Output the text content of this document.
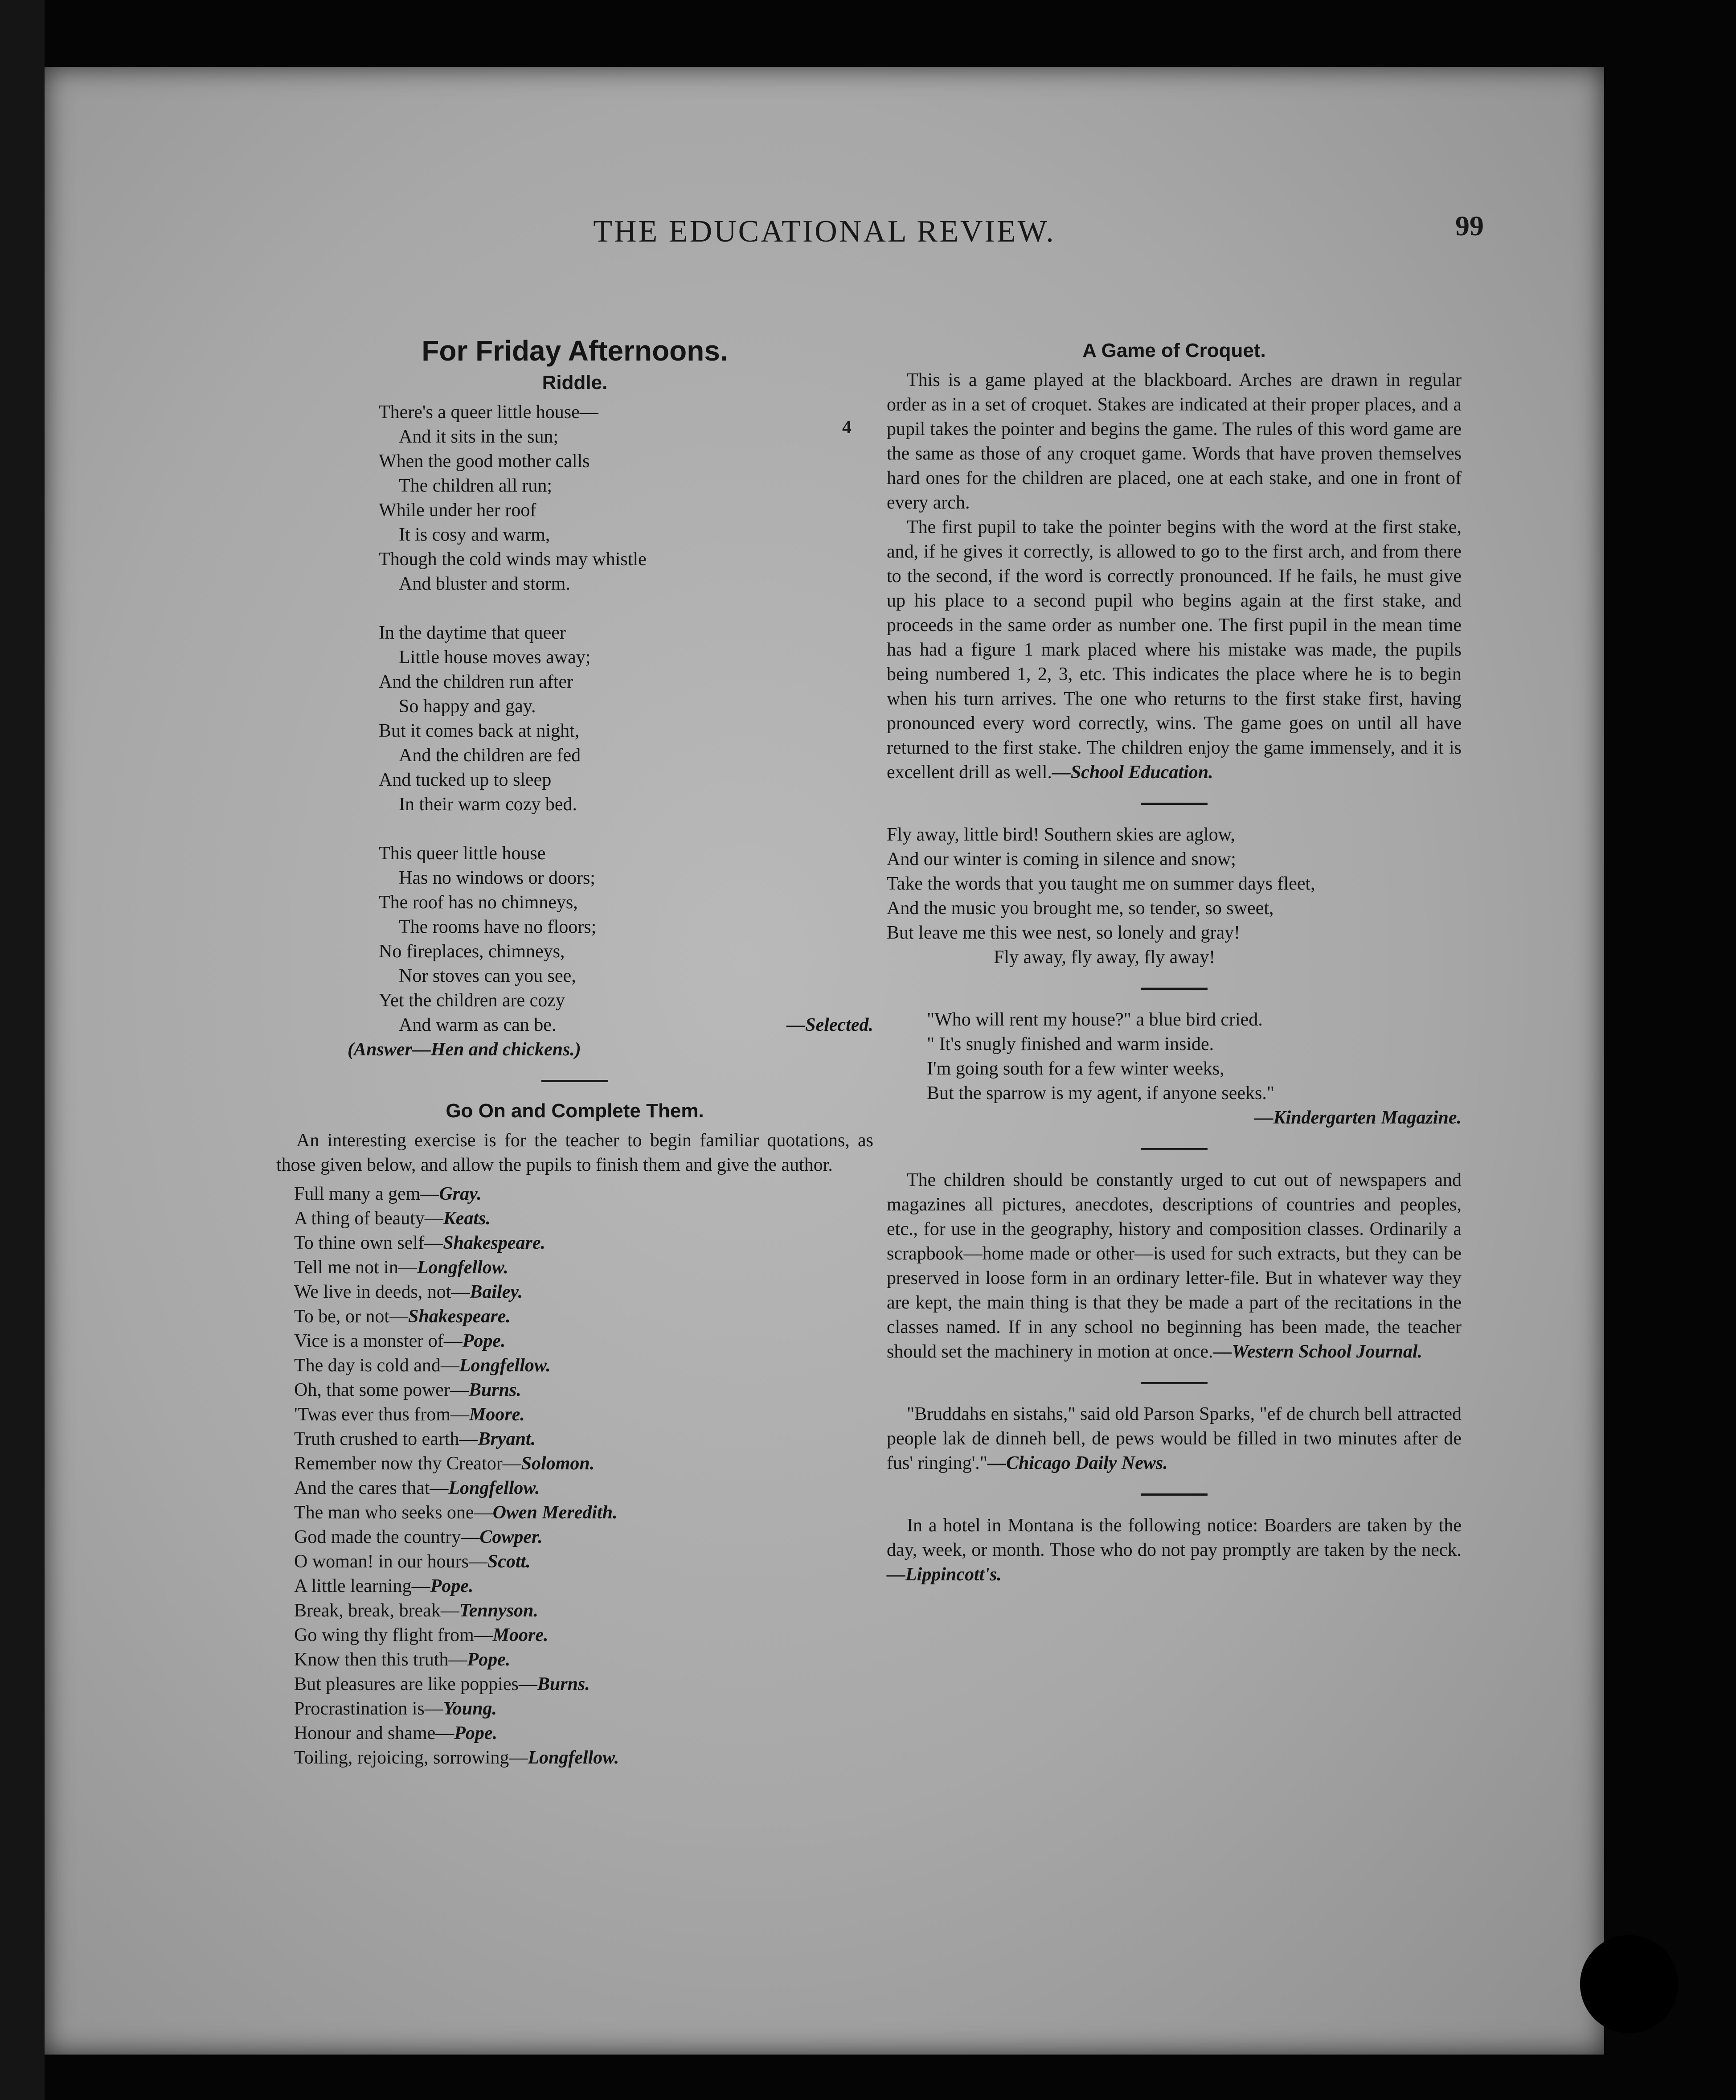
THE EDUCATIONAL REVIEW.	99
For Friday Afternoons.
Riddle.
There's a queer little house—
And it sits in the sun;
When the good mother calls
The children all run;
While under her roof
It is cosy and warm,
Though the cold winds may whistle
And bluster and storm.
In the daytime that queer
Little house moves away;
And the children run after
So happy and gay.
But it comes back at night,
And the children are fed
And tucked up to sleep
In their warm cozy bed.
This queer little house
Has no windows or doors;
The roof has no chimneys,
The rooms have no floors;
No fireplaces, chimneys,
Nor stoves can you see,
Yet the children are cozy
And warm as can be.	—Selected.
(Answer—Hen and chickens.)
Go On and Complete Them.

An interesting exercise is for the teacher to begin familiar quotations, as those given below, and allow the pupils to finish them and give the author.

Full many a gem—Gray.
A thing of beauty—Keats.
To thine own self—Shakespeare.
Tell me not in—Longfellow.
We live in deeds, not—Bailey.
To be, or not—Shakespeare.
Vice is a monster of—Pope.
The day is cold and—Longfellow.
Oh, that some power—Burns.
'Twas ever thus from—Moore.
Truth crushed to earth—Bryant.
Remember now thy Creator—Solomon.
And the cares that—Longfellow.
The man who seeks one—Owen Meredith.
God made the country—Cowper.
O woman! in our hours—Scott.
A little learning—Pope.
Break, break, break—Tennyson.
Go wing thy flight from—Moore.
Know then this truth—Pope.
But pleasures are like poppies—Burns.
Procrastination is—Young.
Honour and shame—Pope.
Toiling, rejoicing, sorrowing—Longfellow.
4
A Game of Croquet.

This is a game played at the blackboard. Arches are drawn in regular order as in a set of croquet. Stakes are indicated at their proper places, and a pupil takes the pointer and begins the game. The rules of this word game are the same as those of any croquet game. Words that have proven themselves hard ones for the children are placed, one at each stake, and one in front of every arch.

The first pupil to take the pointer begins with the word at the first stake, and, if he gives it correctly, is allowed to go to the first arch, and from there to the second, if the word is correctly pronounced. If he fails, he must give up his place to a second pupil who begins again at the first stake, and proceeds in the same order as number one. The first pupil in the mean time has had a figure 1 mark placed where his mistake was made, the pupils being numbered 1, 2, 3, etc. This indicates the place where he is to begin when his turn arrives. The one who returns to the first stake first, having pronounced every word correctly, wins. The game goes on until all have returned to the first stake. The children enjoy the game immensely, and it is excellent drill as well.—School Education.

Fly away, little bird! Southern skies are aglow,
And our winter is coming in silence and snow;
Take the words that you taught me on summer days fleet,
And the music you brought me, so tender, so sweet,
But leave me this wee nest, so lonely and gray!
Fly away, fly away, fly away!
"Who will rent my house?" a blue bird cried.
" It's snugly finished and warm inside.
I'm going south for a few winter weeks,
But the sparrow is my agent, if anyone seeks."
—Kindergarten Magazine.

The children should be constantly urged to cut out of newspapers and magazines all pictures, anecdotes, descriptions of countries and peoples, etc., for use in the geography, history and composition classes. Ordinarily a scrapbook—home made or other—is used for such extracts, but they can be preserved in loose form in an ordinary letter-file. But in whatever way they are kept, the main thing is that they be made a part of the recitations in the classes named. If in any school no beginning has been made, the teacher should set the machinery in motion at once.—Western School Journal.

"Bruddahs en sistahs," said old Parson Sparks, "ef de church bell attracted people lak de dinneh bell, de pews would be filled in two minutes after de fus' ringing'."—Chicago Daily News.

In a hotel in Montana is the following notice: Boarders are taken by the day, week, or month. Those who do not pay promptly are taken by the neck.—Lippincott's.
